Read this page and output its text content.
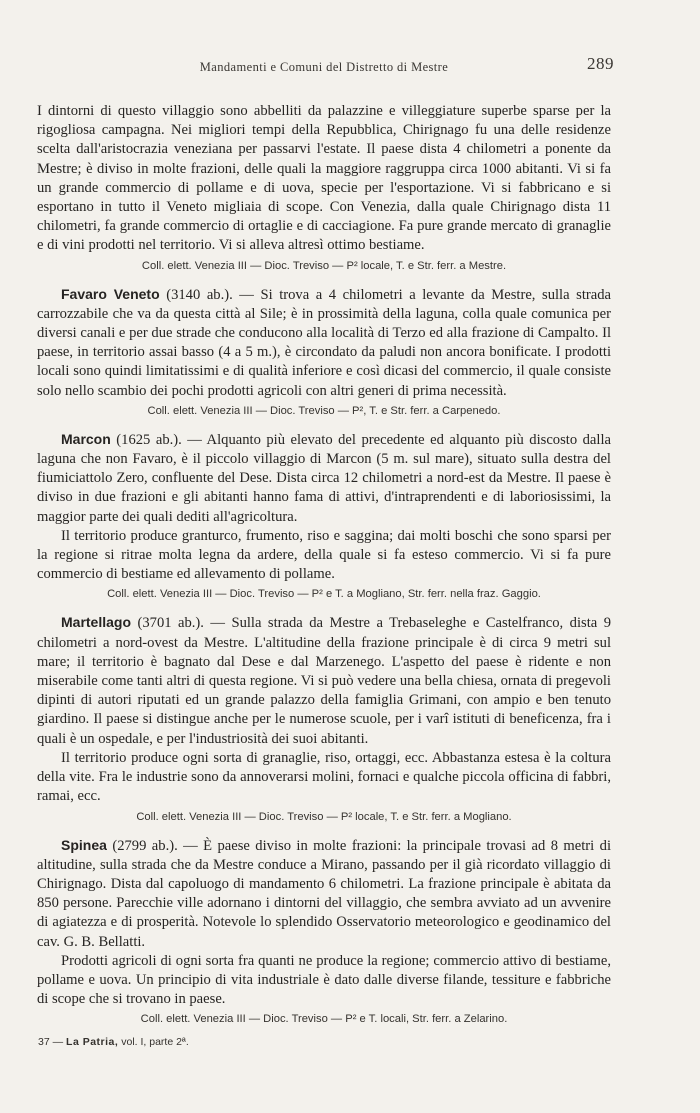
Mandamenti e Comuni del Distretto di Mestre	289

I dintorni di questo villaggio sono abbelliti da palazzine e villeggiature superbe sparse per la rigogliosa campagna. Nei migliori tempi della Repubblica, Chirignago fu una delle residenze scelta dall'aristocrazia veneziana per passarvi l'estate. Il paese dista 4 chilometri a ponente da Mestre; è diviso in molte frazioni, delle quali la maggiore raggruppa circa 1000 abitanti. Vi si fa un grande commercio di pollame e di uova, specie per l'esportazione. Vi si fabbricano e si esportano in tutto il Veneto migliaia di scope. Con Venezia, dalla quale Chirignago dista 11 chilometri, fa grande commercio di ortaglie e di cacciagione. Fa pure grande mercato di granaglie e di vini prodotti nel territorio. Vi si alleva altresì ottimo bestiame.

Coll. elett. Venezia III — Dioc. Treviso — P² locale, T. e Str. ferr. a Mestre.

Favaro Veneto (3140 ab.). — Si trova a 4 chilometri a levante da Mestre, sulla strada carrozzabile che va da questa città al Sile; è in prossimità della laguna, colla quale comunica per diversi canali e per due strade che conducono alla località di Terzo ed alla frazione di Campalto. Il paese, in territorio assai basso (4 a 5 m.), è circondato da paludi non ancora bonificate. I prodotti locali sono quindi limitatissimi e di qualità inferiore e così dicasi del commercio, il quale consiste solo nello scambio dei pochi prodotti agricoli con altri generi di prima necessità.

Coll. elett. Venezia III — Dioc. Treviso — P², T. e Str. ferr. a Carpenedo.

Marcon (1625 ab.). — Alquanto più elevato del precedente ed alquanto più discosto dalla laguna che non Favaro, è il piccolo villaggio di Marcon (5 m. sul mare), situato sulla destra del fiumiciattolo Zero, confluente del Dese. Dista circa 12 chilometri a nord-est da Mestre. Il paese è diviso in due frazioni e gli abitanti hanno fama di attivi, d'intraprendenti e di laboriosissimi, la maggior parte dei quali dediti all'agricoltura.

Il territorio produce granturco, frumento, riso e saggina; dai molti boschi che sono sparsi per la regione si ritrae molta legna da ardere, della quale si fa esteso commercio. Vi si fa pure commercio di bestiame ed allevamento di pollame.

Coll. elett. Venezia III — Dioc. Treviso — P² e T. a Mogliano, Str. ferr. nella fraz. Gaggio.

Martellago (3701 ab.). — Sulla strada da Mestre a Trebaseleghe e Castelfranco, dista 9 chilometri a nord-ovest da Mestre. L'altitudine della frazione principale è di circa 9 metri sul mare; il territorio è bagnato dal Dese e dal Marzenego. L'aspetto del paese è ridente e non miserabile come tanti altri di questa regione. Vi si può vedere una bella chiesa, ornata di pregevoli dipinti di autori riputati ed un grande palazzo della famiglia Grimani, con ampio e ben tenuto giardino. Il paese si distingue anche per le numerose scuole, per i varî istituti di beneficenza, fra i quali è un ospedale, e per l'industriosità dei suoi abitanti.

Il territorio produce ogni sorta di granaglie, riso, ortaggi, ecc. Abbastanza estesa è la coltura della vite. Fra le industrie sono da annoverarsi molini, fornaci e qualche piccola officina di fabbri, ramai, ecc.

Coll. elett. Venezia III — Dioc. Treviso — P² locale, T. e Str. ferr. a Mogliano.

Spinea (2799 ab.). — È paese diviso in molte frazioni: la principale trovasi ad 8 metri di altitudine, sulla strada che da Mestre conduce a Mirano, passando per il già ricordato villaggio di Chirignago. Dista dal capoluogo di mandamento 6 chilometri. La frazione principale è abitata da 850 persone. Parecchie ville adornano i dintorni del villaggio, che sembra avviato ad un avvenire di agiatezza e di prosperità. Notevole lo splendido Osservatorio meteorologico e geodinamico del cav. G. B. Bellatti.

Prodotti agricoli di ogni sorta fra quanti ne produce la regione; commercio attivo di bestiame, pollame e uova. Un principio di vita industriale è dato dalle diverse filande, tessiture e fabbriche di scope che si trovano in paese.

Coll. elett. Venezia III — Dioc. Treviso — P² e T. locali, Str. ferr. a Zelarino.
37 — La Patria, vol. I, parte 2ª.
